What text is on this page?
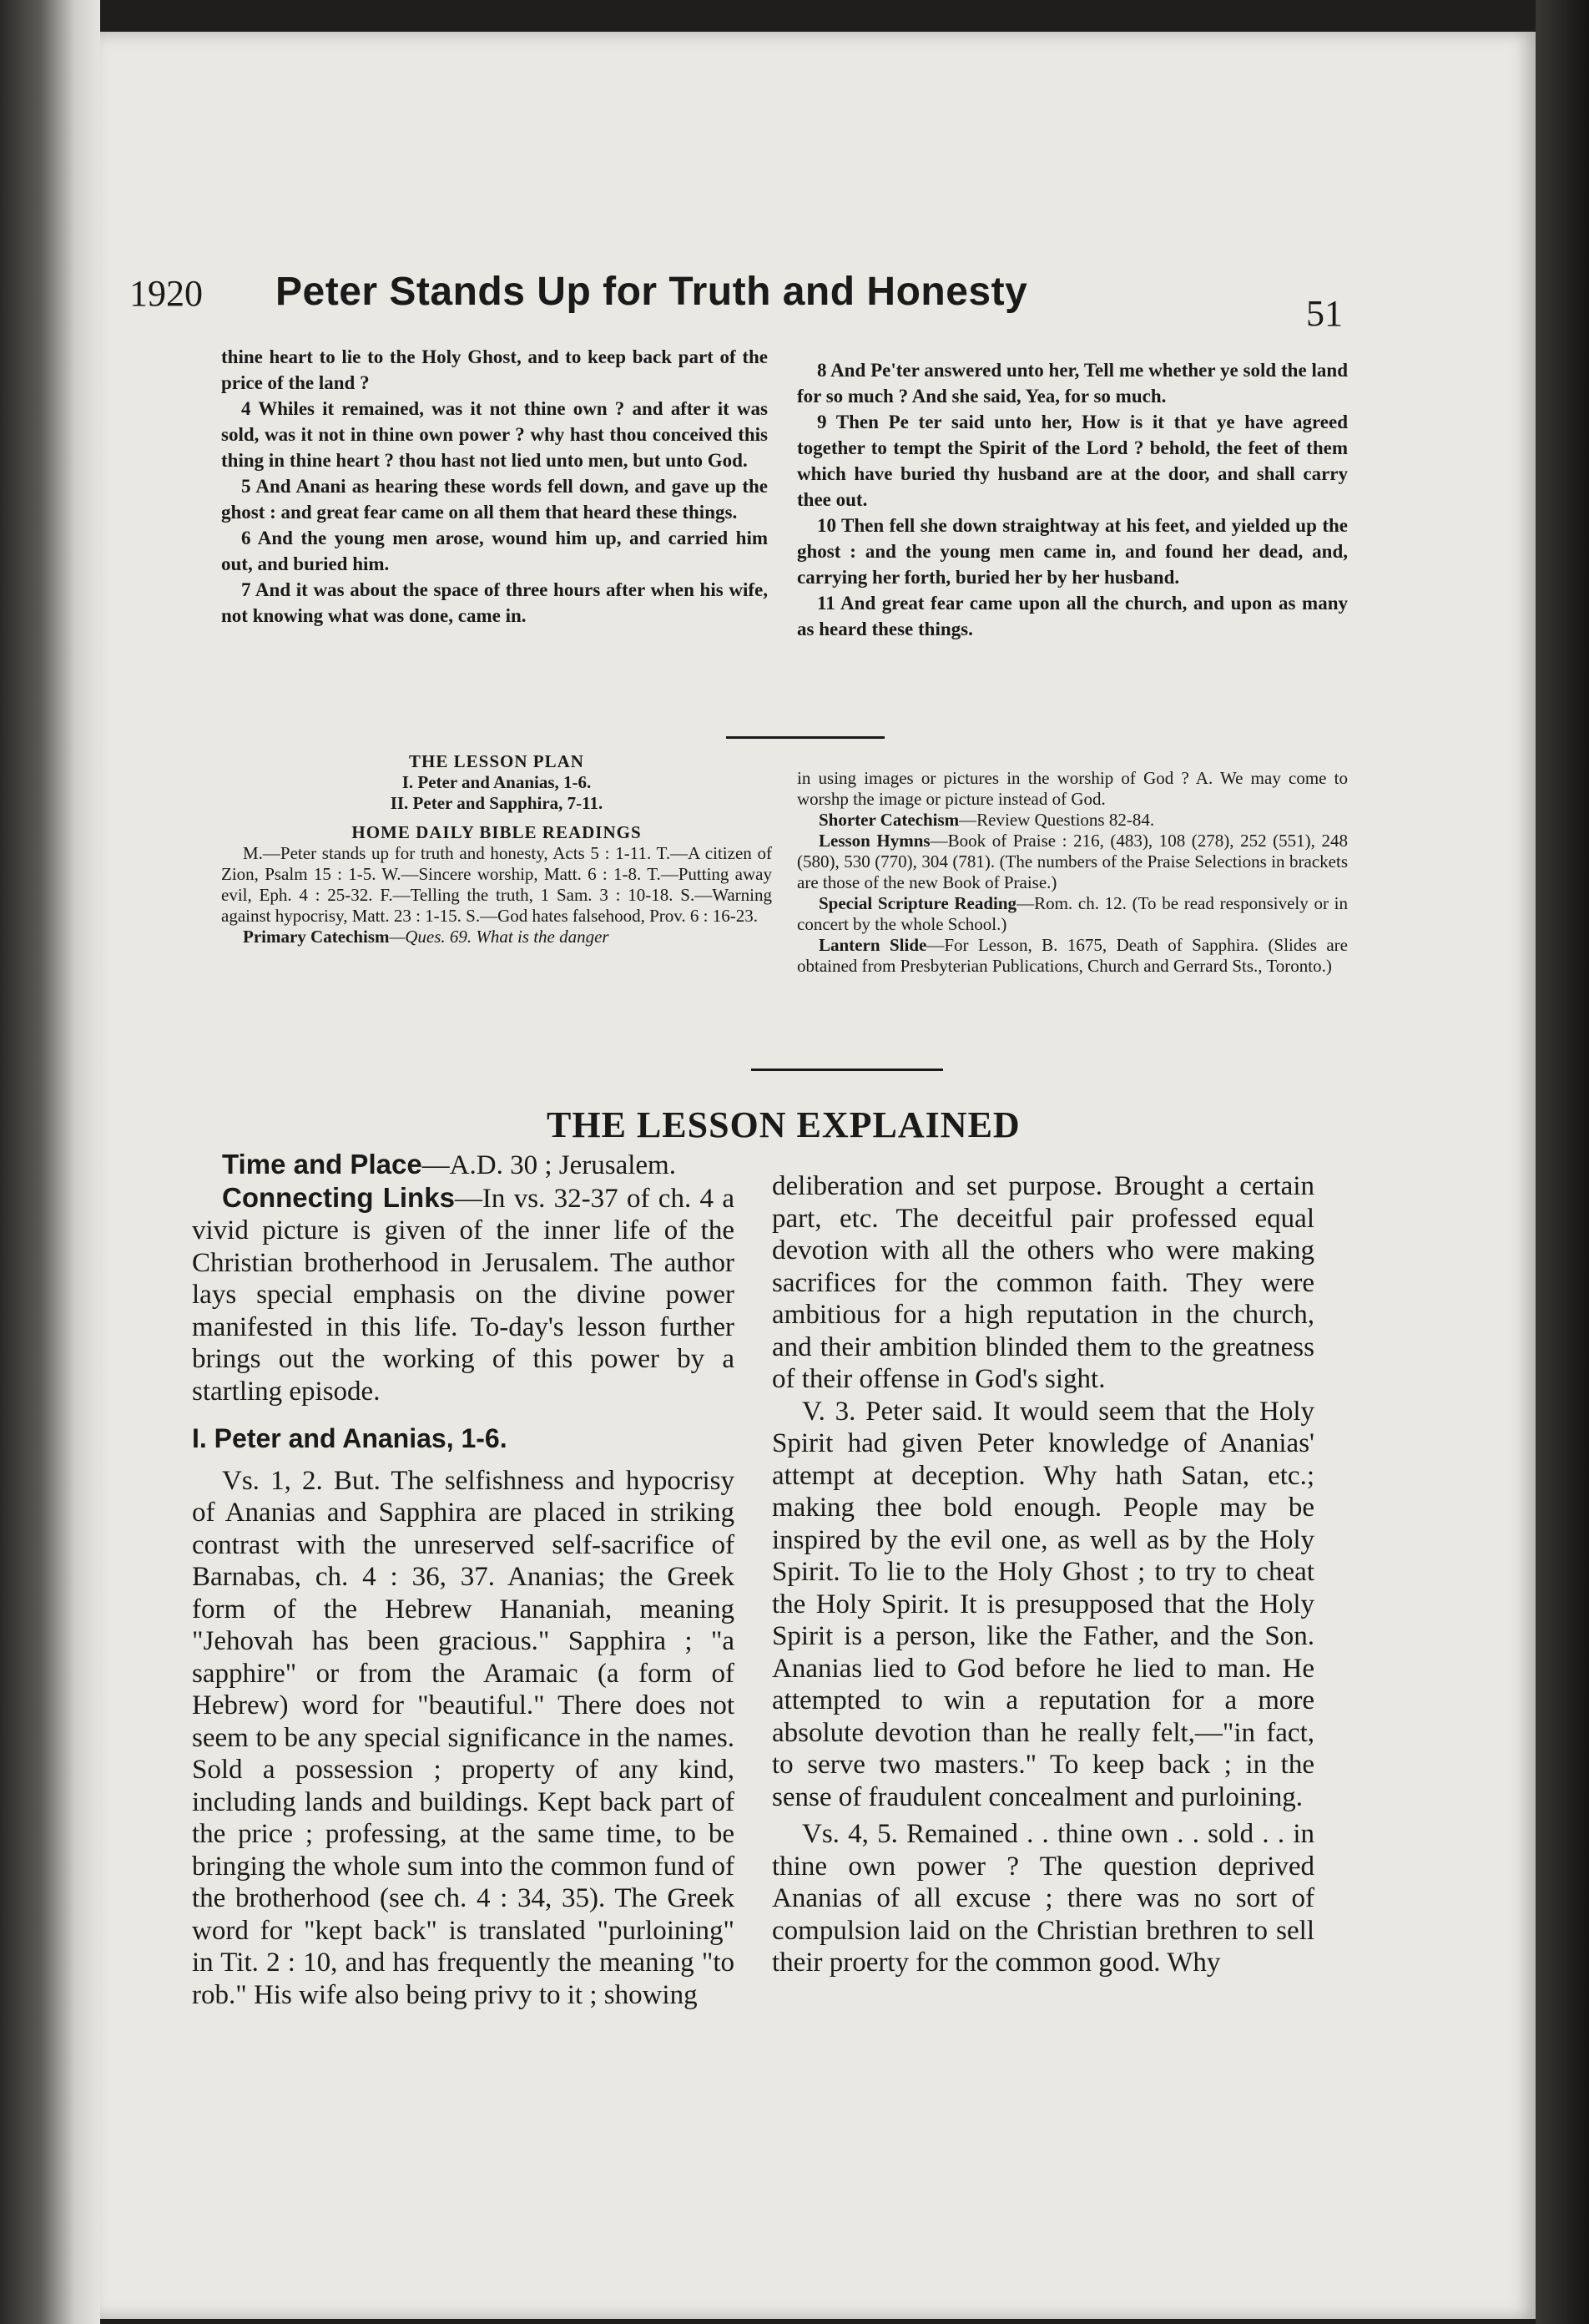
1920 Peter Stands Up for Truth and Honesty	51

thine heart to lie to the Holy Ghost, and to keep back part of the price of the land ?

4 Whiles it remained, was it not thine own ? and after it was sold, was it not in thine own power ? why hast thou conceived this thing in thine heart ? thou hast not lied unto men, but unto God.

5 And Anani as hearing these words fell down, and gave up the ghost : and great fear came on all them that heard these things.

6 And the young men arose, wound him up, and carried him out, and buried him.

7 And it was about the space of three hours after when his wife, not knowing what was done, came in.

8 And Pe'ter answered unto her, Tell me whether ye sold the land for so much ? And she said, Yea, for so much.

9 Then Pe ter said unto her, How is it that ye have agreed together to tempt the Spirit of the Lord ? behold, the feet of them which have buried thy husband are at the door, and shall carry thee out.

10 Then fell she down straightway at his feet, and yielded up the ghost : and the young men came in, and found her dead, and, carrying her forth, buried her by her husband.

11 And great fear came upon all the church, and upon as many as heard these things.

THE LESSON PLAN

I. Peter and Ananias, 1-6.

II. Peter and Sapphira, 7-11.

HOME DAILY BIBLE READINGS

M.—Peter stands up for truth and honesty, Acts 5 : 1-11. T.—A citizen of Zion, Psalm 15 : 1-5. W.—Sincere worship, Matt. 6 : 1-8. T.—Putting away evil, Eph. 4 : 25-32. F.—Telling the truth, 1 Sam. 3 : 10-18. S.—Warning against hypocrisy, Matt. 23 : 1-15. S.—God hates falsehood, Prov. 6 : 16-23.

Primary Catechism—Ques. 69. What is the danger

in using images or pictures in the worship of God ? A. We may come to worshp the image or picture instead of God.

Shorter Catechism—Review Questions 82-84.

Lesson Hymns—Book of Praise : 216, (483), 108 (278), 252 (551), 248 (580), 530 (770), 304 (781). (The numbers of the Praise Selections in brackets are those of the new Book of Praise.)

Special Scripture Reading—Rom. ch. 12. (To be read responsively or in concert by the whole School.)

Lantern Slide—For Lesson, B. 1675, Death of Sapphira. (Slides are obtained from Presbyterian Publications, Church and Gerrard Sts., Toronto.)

THE LESSON EXPLAINED

Time and Place—A.D. 30 ; Jerusalem.

Connecting Links—In vs. 32-37 of ch. 4 a vivid picture is given of the inner life of the Christian brotherhood in Jerusalem. The author lays special emphasis on the divine power manifested in this life. To-day's lesson further brings out the working of this power by a startling episode.

I. Peter and Ananias, 1-6.

Vs. 1, 2. But. The selfishness and hypocrisy of Ananias and Sapphira are placed in striking contrast with the unreserved self-sacrifice of Barnabas, ch. 4 : 36, 37. Ananias; the Greek form of the Hebrew Hananiah, meaning "Jehovah has been gracious." Sapphira ; "a sapphire" or from the Aramaic (a form of Hebrew) word for "beautiful." There does not seem to be any special significance in the names. Sold a possession ; property of any kind, including lands and buildings. Kept back part of the price ; professing, at the same time, to be bringing the whole sum into the common fund of the brotherhood (see ch. 4 : 34, 35). The Greek word for "kept back" is translated "purloining" in Tit. 2 : 10, and has frequently the meaning "to rob." His wife also being privy to it ; showing

deliberation and set purpose. Brought a certain part, etc. The deceitful pair professed equal devotion with all the others who were making sacrifices for the common faith. They were ambitious for a high reputation in the church, and their ambition blinded them to the greatness of their offense in God's sight.

V. 3. Peter said. It would seem that the Holy Spirit had given Peter knowledge of Ananias' attempt at deception. Why hath Satan, etc.; making thee bold enough. People may be inspired by the evil one, as well as by the Holy Spirit. To lie to the Holy Ghost ; to try to cheat the Holy Spirit. It is presupposed that the Holy Spirit is a person, like the Father, and the Son. Ananias lied to God before he lied to man. He attempted to win a reputation for a more absolute devotion than he really felt,—"in fact, to serve two masters." To keep back ; in the sense of fraudulent concealment and purloining.

Vs. 4, 5. Remained . . thine own . . sold . . in thine own power ? The question deprived Ananias of all excuse ; there was no sort of compulsion laid on the Christian brethren to sell their proerty for the common good. Why
